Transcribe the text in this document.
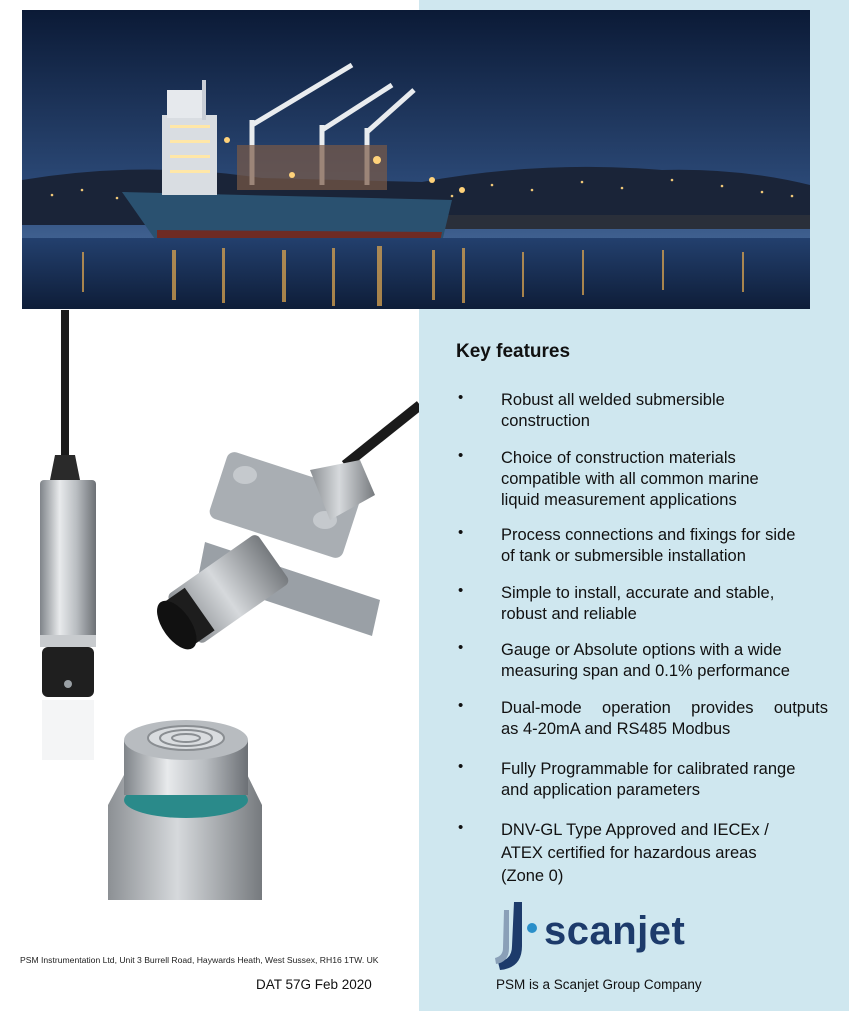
Key features
• Robust all welded submersible
construction
• Choice of construction materials
compatible with all common marine
liquid measurement applications
• Process connections and fixings for side
of tank or submersible installation
• Simple to install, accurate and stable,
robust and reliable
• Gauge or Absolute options with a wide
measuring span and 0.1% performance
• Dual-mode operation provides outputs
as 4-20mA and RS485 Modbus
• Fully Programmable for calibrated range
and application parameters
• DNV-GL Type Approved and IECEx /
ATEX certified for hazardous areas
(Zone 0)
PSM Instrumentation Ltd, Unit 3 Burrell Road, Haywards Heath, West Sussex, RH16 1TW. UK
DAT 57G Feb 2020
scanjet
PSM is a Scanjet Group Company
